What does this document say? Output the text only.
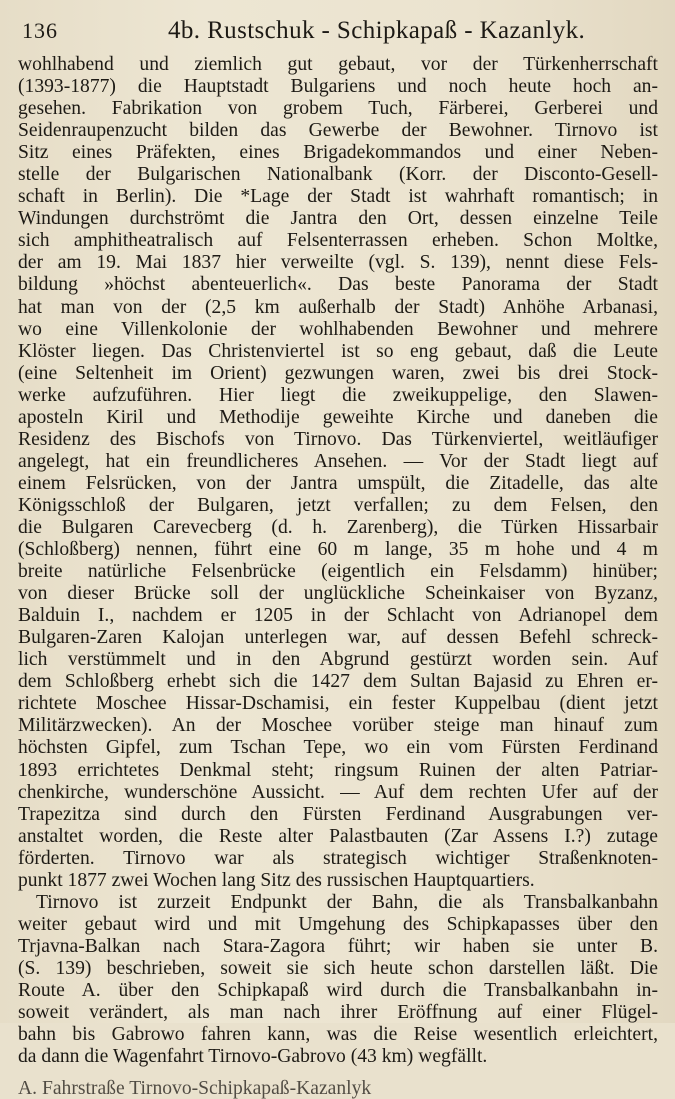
136	4b. Rustschuk - Schipkapaß - Kazanlyk.
wohlhabend und ziemlich gut gebaut, vor der Türkenherrschaft
(1393-1877) die Hauptstadt Bulgariens und noch heute hoch an-
gesehen. Fabrikation von grobem Tuch, Färberei, Gerberei und
Seidenraupenzucht bilden das Gewerbe der Bewohner. Tirnovo ist
Sitz eines Präfekten, eines Brigadekommandos und einer Neben-
stelle der Bulgarischen Nationalbank (Korr. der Disconto-Gesell-
schaft in Berlin). Die *Lage der Stadt ist wahrhaft romantisch; in
Windungen durchströmt die Jantra den Ort, dessen einzelne Teile
sich amphitheatralisch auf Felsenterrassen erheben. Schon Moltke,
der am 19. Mai 1837 hier verweilte (vgl. S. 139), nennt diese Fels-
bildung »höchst abenteuerlich«. Das beste Panorama der Stadt
hat man von der (2,5 km außerhalb der Stadt) Anhöhe Arbanasi,
wo eine Villenkolonie der wohlhabenden Bewohner und mehrere
Klöster liegen. Das Christenviertel ist so eng gebaut, daß die Leute
(eine Seltenheit im Orient) gezwungen waren, zwei bis drei Stock-
werke aufzuführen. Hier liegt die zweikuppelige, den Slawen-
aposteln Kiril und Methodije geweihte Kirche und daneben die
Residenz des Bischofs von Tirnovo. Das Türkenviertel, weitläufiger
angelegt, hat ein freundlicheres Ansehen. — Vor der Stadt liegt auf
einem Felsrücken, von der Jantra umspült, die Zitadelle, das alte
Königsschloß der Bulgaren, jetzt verfallen; zu dem Felsen, den
die Bulgaren Carevecberg (d. h. Zarenberg), die Türken Hissarbair
(Schloßberg) nennen, führt eine 60 m lange, 35 m hohe und 4 m
breite natürliche Felsenbrücke (eigentlich ein Felsdamm) hinüber;
von dieser Brücke soll der unglückliche Scheinkaiser von Byzanz,
Balduin I., nachdem er 1205 in der Schlacht von Adrianopel dem
Bulgaren-Zaren Kalojan unterlegen war, auf dessen Befehl schreck-
lich verstümmelt und in den Abgrund gestürzt worden sein. Auf
dem Schloßberg erhebt sich die 1427 dem Sultan Bajasid zu Ehren er-
richtete Moschee Hissar-Dschamisi, ein fester Kuppelbau (dient jetzt
Militärzwecken). An der Moschee vorüber steige man hinauf zum
höchsten Gipfel, zum Tschan Tepe, wo ein vom Fürsten Ferdinand
1893 errichtetes Denkmal steht; ringsum Ruinen der alten Patriar-
chenkirche, wunderschöne Aussicht. — Auf dem rechten Ufer auf der
Trapezitza sind durch den Fürsten Ferdinand Ausgrabungen ver-
anstaltet worden, die Reste alter Palastbauten (Zar Assens I.?) zutage
förderten. Tirnovo war als strategisch wichtiger Straßenknoten-
punkt 1877 zwei Wochen lang Sitz des russischen Hauptquartiers.
Tirnovo ist zurzeit Endpunkt der Bahn, die als Transbalkanbahn
weiter gebaut wird und mit Umgehung des Schipkapasses über den
Trjavna-Balkan nach Stara-Zagora führt; wir haben sie unter B.
(S. 139) beschrieben, soweit sie sich heute schon darstellen läßt. Die
Route A. über den Schipkapaß wird durch die Transbalkanbahn in-
soweit verändert, als man nach ihrer Eröffnung auf einer Flügel-
bahn bis Gabrowo fahren kann, was die Reise wesentlich erleichtert,
da dann die Wagenfahrt Tirnovo-Gabrovo (43 km) wegfällt.
A. Fahrstraße Tirnovo-Schipkapaß-Kazanlyk
